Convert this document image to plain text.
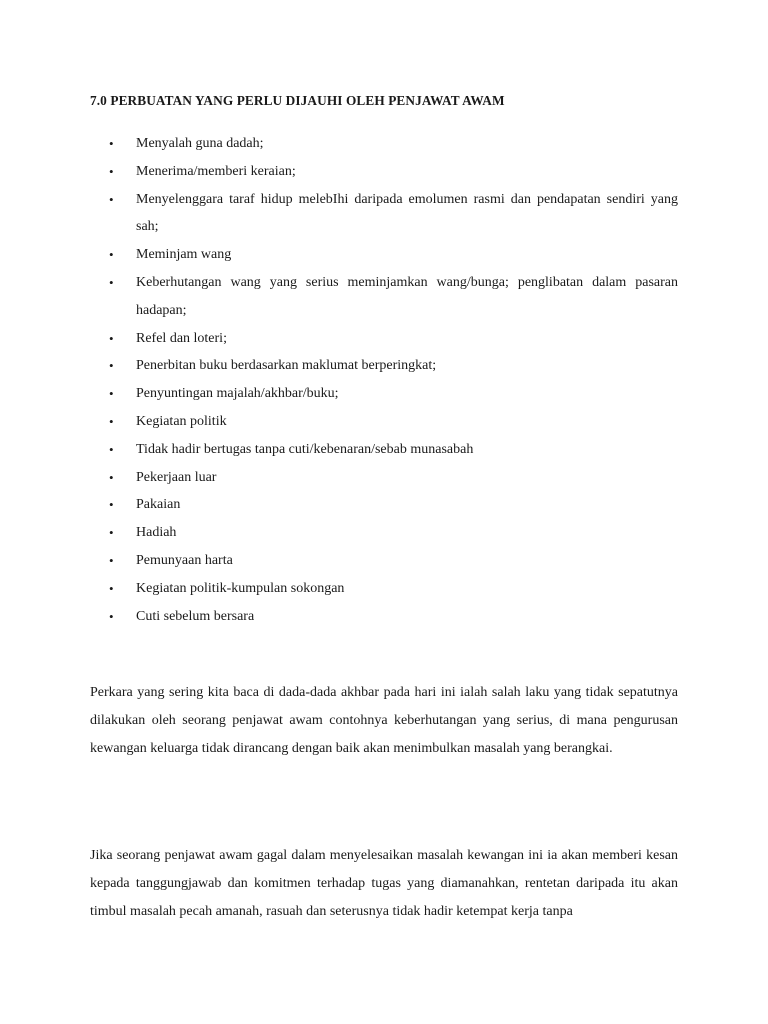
7.0 PERBUATAN YANG PERLU DIJAUHI OLEH PENJAWAT AWAM
• Menyalah guna dadah;
• Menerima/memberi keraian;
• Menyelenggara taraf hidup melebIhi daripada emolumen rasmi dan pendapatan sendiri yang sah;
• Meminjam wang
• Keberhutangan wang yang serius meminjamkan wang/bunga; penglibatan dalam pasaran hadapan;
• Refel dan loteri;
• Penerbitan buku berdasarkan maklumat berperingkat;
• Penyuntingan majalah/akhbar/buku;
• Kegiatan politik
• Tidak hadir bertugas tanpa cuti/kebenaran/sebab munasabah
• Pekerjaan luar
• Pakaian
• Hadiah
• Pemunyaan harta
• Kegiatan politik-kumpulan sokongan
• Cuti sebelum bersara

Perkara yang sering kita baca di dada-dada akhbar pada hari ini ialah salah laku yang tidak sepatutnya dilakukan oleh seorang penjawat awam contohnya keberhutangan yang serius, di mana pengurusan kewangan keluarga tidak dirancang dengan baik akan menimbulkan masalah yang berangkai.

Jika seorang penjawat awam gagal dalam menyelesaikan masalah kewangan ini ia akan memberi kesan kepada tanggungjawab dan komitmen terhadap tugas yang diamanahkan, rentetan daripada itu akan timbul masalah pecah amanah, rasuah dan seterusnya tidak hadir ketempat kerja tanpa
